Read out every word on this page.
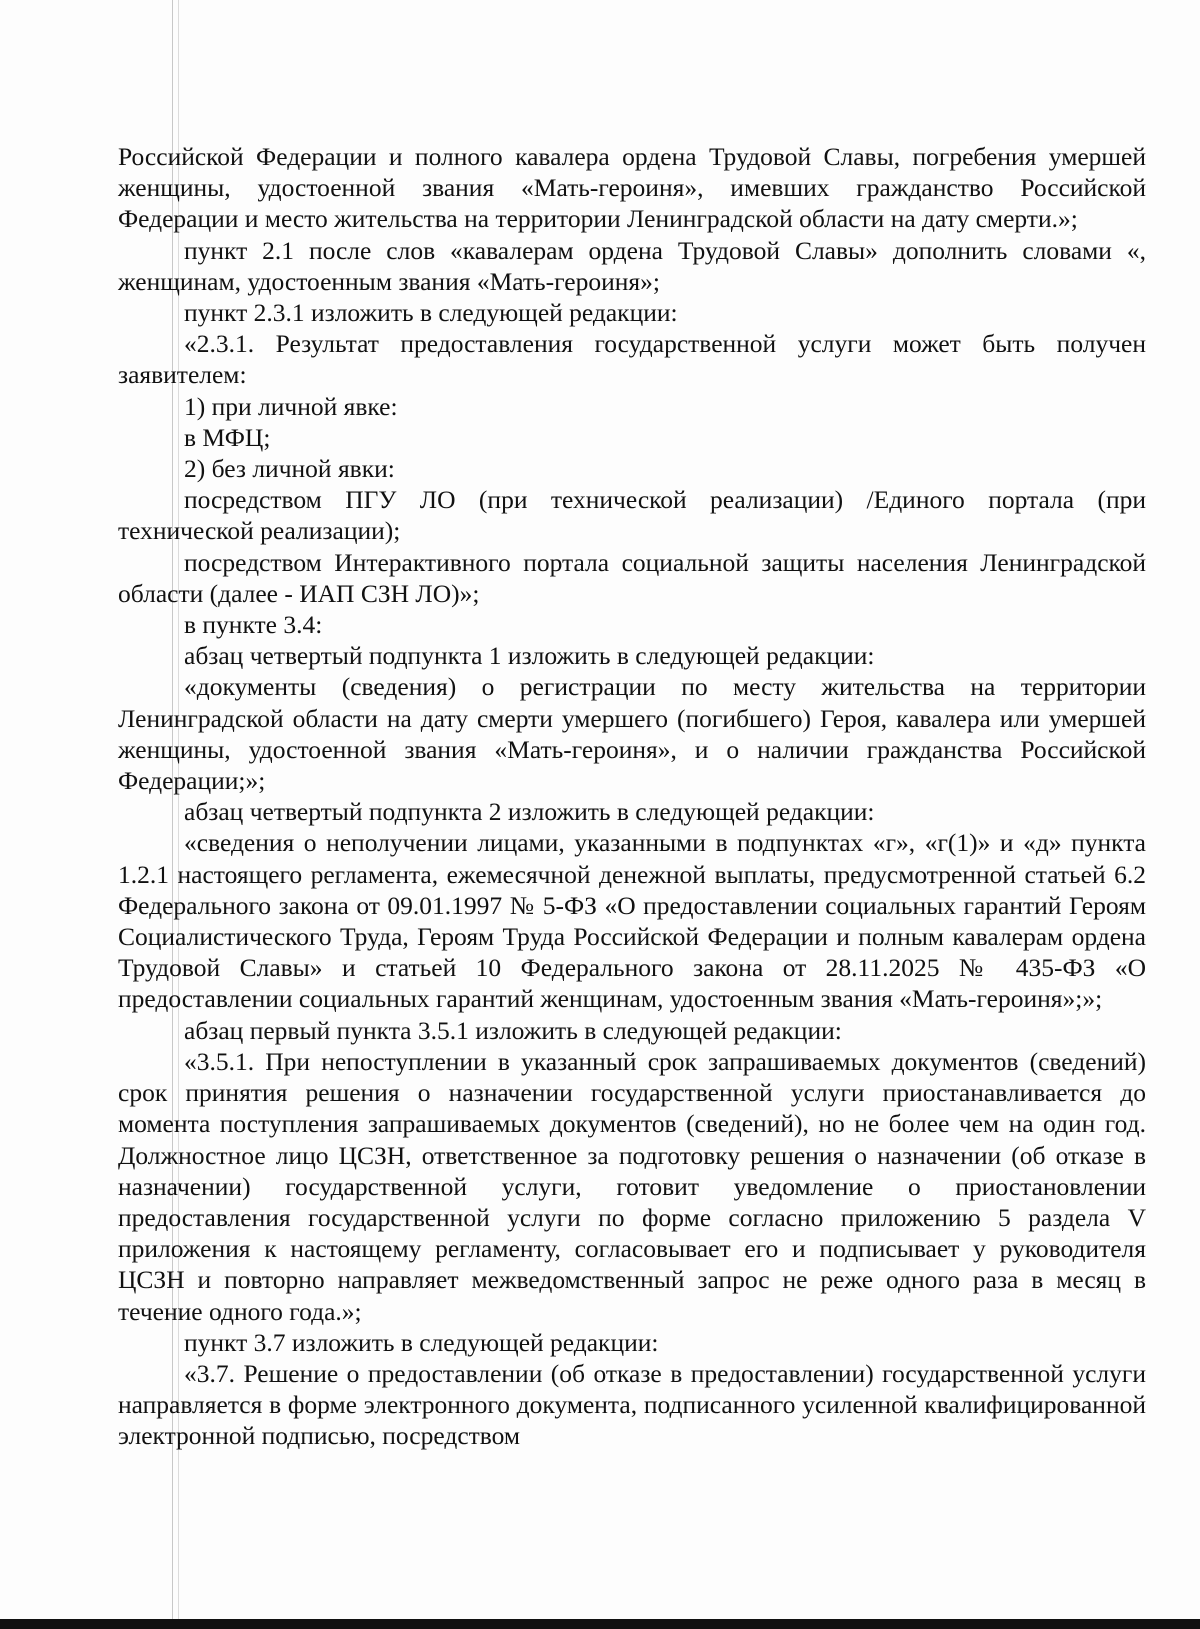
Российской Федерации и полного кавалера ордена Трудовой Славы, погребения умершей женщины, удостоенной звания «Мать-героиня», имевших гражданство Российской Федерации и место жительства на территории Ленинградской области на дату смерти.»;

пункт 2.1 после слов «кавалерам ордена Трудовой Славы» дополнить словами «, женщинам, удостоенным звания «Мать-героиня»;

пункт 2.3.1 изложить в следующей редакции:

«2.3.1. Результат предоставления государственной услуги может быть получен заявителем:

1) при личной явке:

в МФЦ;

2) без личной явки:

посредством ПГУ ЛО (при технической реализации) /Единого портала (при технической реализации);

посредством Интерактивного портала социальной защиты населения Ленинградской области (далее - ИАП СЗН ЛО)»;

в пункте 3.4:

абзац четвертый подпункта 1 изложить в следующей редакции:

«документы (сведения) о регистрации по месту жительства на территории Ленинградской области на дату смерти умершего (погибшего) Героя, кавалера или умершей женщины, удостоенной звания «Мать-героиня», и о наличии гражданства Российской Федерации;»;

абзац четвертый подпункта 2 изложить в следующей редакции:

«сведения о неполучении лицами, указанными в подпунктах «г», «г(1)» и «д» пункта 1.2.1 настоящего регламента, ежемесячной денежной выплаты, предусмотренной статьей 6.2 Федерального закона от 09.01.1997 № 5-ФЗ «О предоставлении социальных гарантий Героям Социалистического Труда, Героям Труда Российской Федерации и полным кавалерам ордена Трудовой Славы» и статьей 10 Федерального закона от 28.11.2025 № 435-ФЗ «О предоставлении социальных гарантий женщинам, удостоенным звания «Мать-героиня»;»;

абзац первый пункта 3.5.1 изложить в следующей редакции:

«3.5.1. При непоступлении в указанный срок запрашиваемых документов (сведений) срок принятия решения о назначении государственной услуги приостанавливается до момента поступления запрашиваемых документов (сведений), но не более чем на один год. Должностное лицо ЦСЗН, ответственное за подготовку решения о назначении (об отказе в назначении) государственной услуги, готовит уведомление о приостановлении предоставления государственной услуги по форме согласно приложению 5 раздела V приложения к настоящему регламенту, согласовывает его и подписывает у руководителя ЦСЗН и повторно направляет межведомственный запрос не реже одного раза в месяц в течение одного года.»;

пункт 3.7 изложить в следующей редакции:

«3.7. Решение о предоставлении (об отказе в предоставлении) государственной услуги направляется в форме электронного документа, подписанного усиленной квалифицированной электронной подписью, посредством
